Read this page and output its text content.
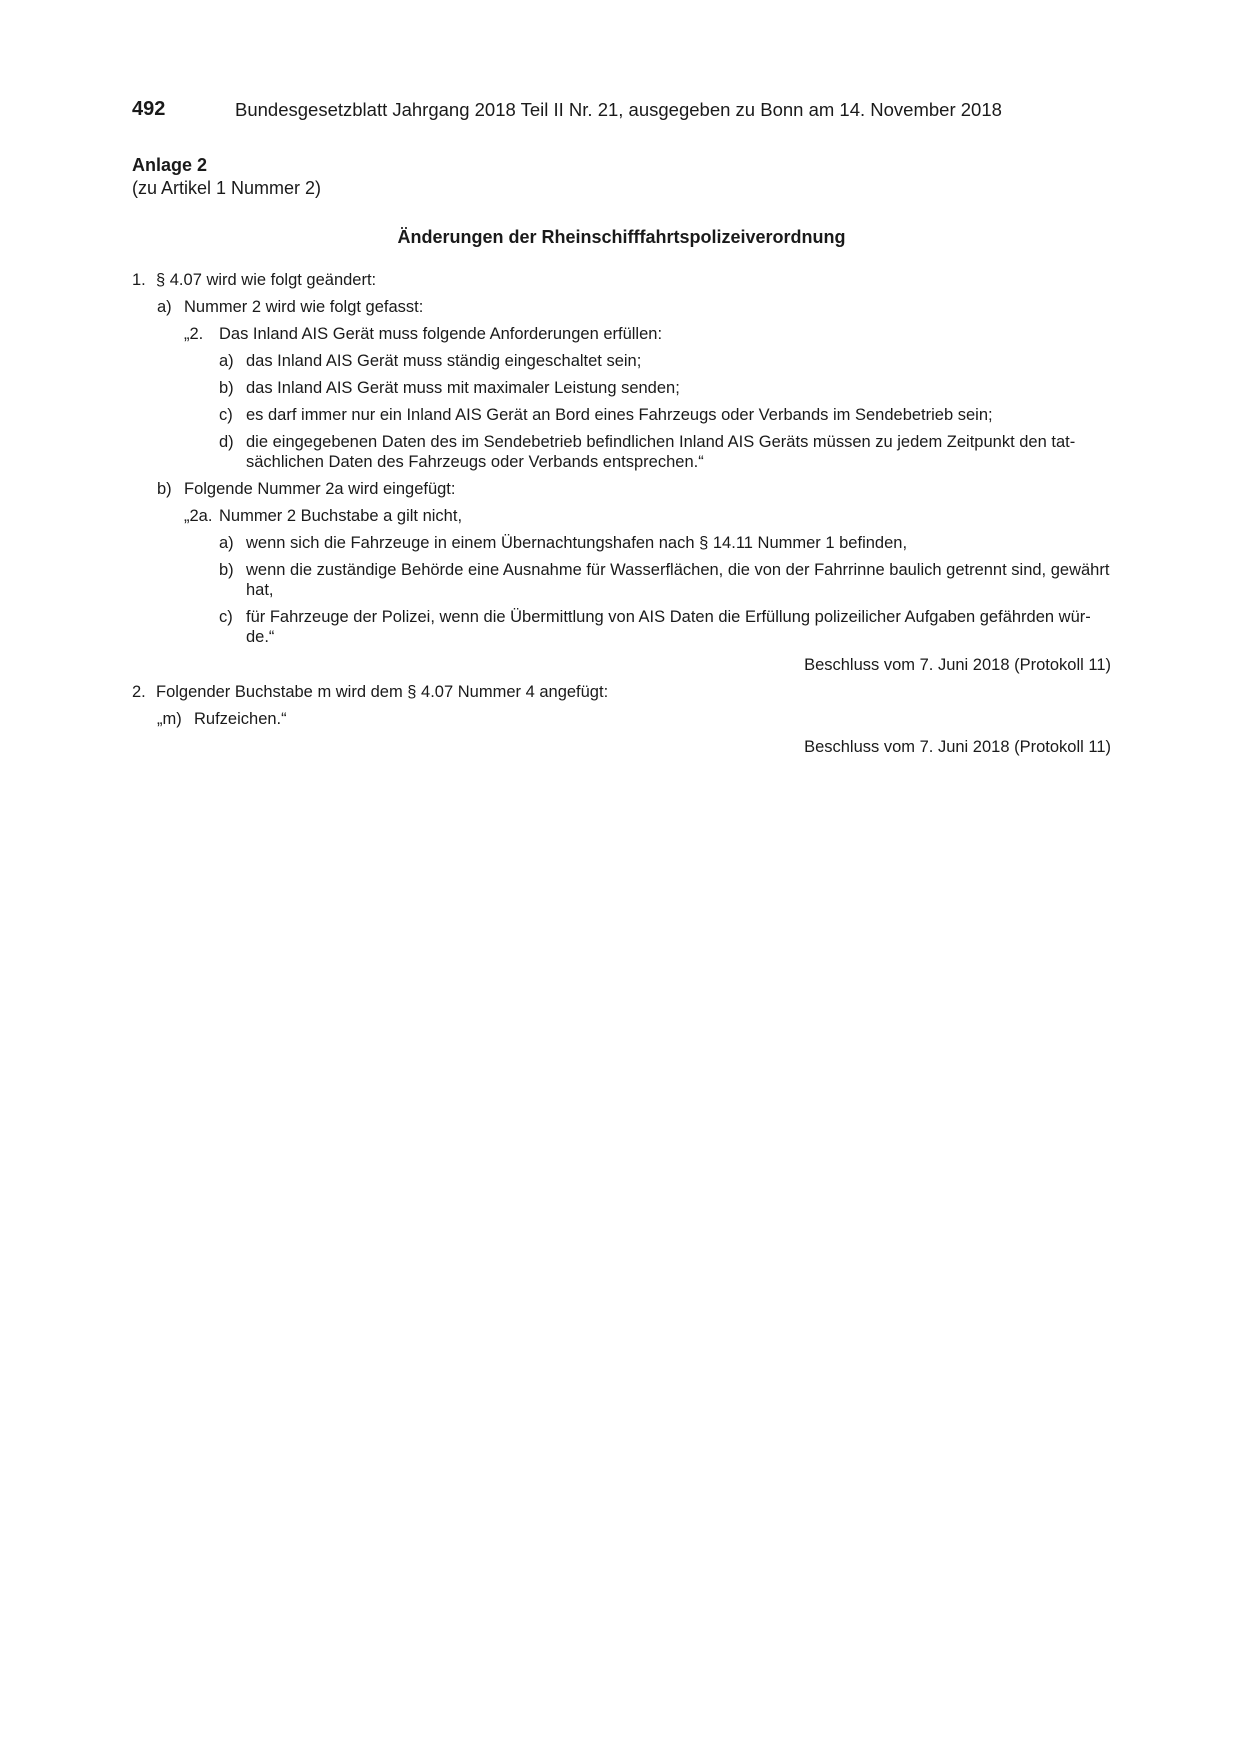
492	Bundesgesetzblatt Jahrgang 2018 Teil II Nr. 21, ausgegeben zu Bonn am 14. November 2018
Anlage 2
(zu Artikel 1 Nummer 2)
Änderungen der Rheinschifffahrtspolizeiverordnung
1. § 4.07 wird wie folgt geändert:
a) Nummer 2 wird wie folgt gefasst:
„2. Das Inland AIS Gerät muss folgende Anforderungen erfüllen:
a) das Inland AIS Gerät muss ständig eingeschaltet sein;
b) das Inland AIS Gerät muss mit maximaler Leistung senden;
c) es darf immer nur ein Inland AIS Gerät an Bord eines Fahrzeugs oder Verbands im Sendebetrieb sein;
d) die eingegebenen Daten des im Sendebetrieb befindlichen Inland AIS Geräts müssen zu jedem Zeitpunkt den tat-
sächlichen Daten des Fahrzeugs oder Verbands entsprechen.“
b) Folgende Nummer 2a wird eingefügt:
„2a. Nummer 2 Buchstabe a gilt nicht,
a) wenn sich die Fahrzeuge in einem Übernachtungshafen nach § 14.11 Nummer 1 befinden,
b) wenn die zuständige Behörde eine Ausnahme für Wasserflächen, die von der Fahrrinne baulich getrennt sind, gewährt
hat,
c) für Fahrzeuge der Polizei, wenn die Übermittlung von AIS Daten die Erfüllung polizeilicher Aufgaben gefährden wür-
de.“
Beschluss vom 7. Juni 2018 (Protokoll 11)
2. Folgender Buchstabe m wird dem § 4.07 Nummer 4 angefügt:
„m) Rufzeichen.“
Beschluss vom 7. Juni 2018 (Protokoll 11)
